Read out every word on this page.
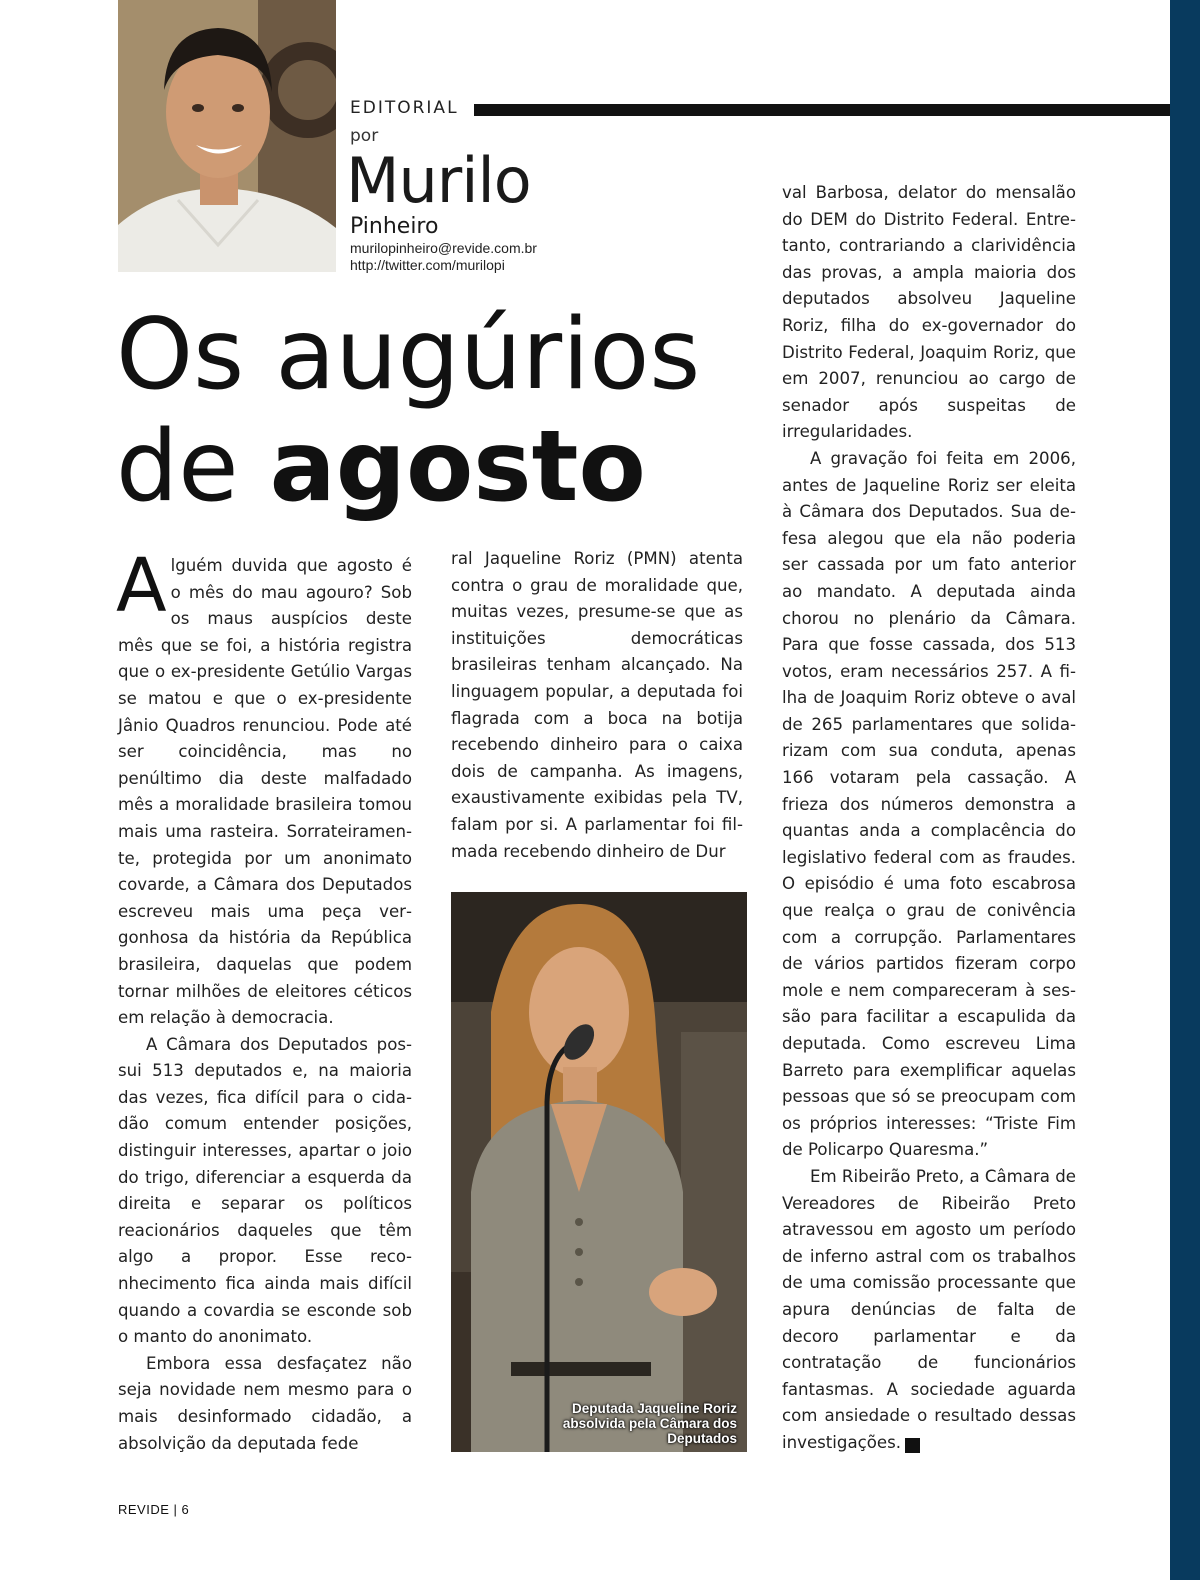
EDITORIAL
por
Murilo
Pinheiro
murilopinheiro@revide.com.br
http://twitter.com/murilopi
Os augúrios
de agosto

Alguém duvida que agosto é o mês do mau agouro? Sob os maus auspícios deste mês que se foi, a história registra que o ex-presidente Getúlio Vargas se matou e que o ex-presidente Jânio Quadros renunciou. Pode até ser coincidência, mas no penúltimo dia deste malfadado mês a moralidade brasileira tomou mais uma rasteira. Sorrateiramente, protegida por um anonimato covarde, a Câmara dos Deputados escreveu mais uma peça vergonhosa da história da República brasileira, daquelas que podem tornar milhões de eleitores céticos em relação à democracia.

A Câmara dos Deputados possui 513 deputados e, na maioria das vezes, fica difícil para o cidadão comum entender posições, distinguir interesses, apartar o joio do trigo, diferenciar a esquerda da direita e separar os políticos reacionários daqueles que têm algo a propor. Esse reconhecimento fica ainda mais difícil quando a covardia se esconde sob o manto do anonimato.

Embora essa desfaçatez não seja novidade nem mesmo para o mais desinformado cidadão, a absolvição da deputada fede

ral Jaqueline Roriz (PMN) atenta contra o grau de moralidade que, muitas vezes, presume-se que as instituições democráticas brasileiras tenham alcançado. Na linguagem popular, a deputada foi flagrada com a boca na botija recebendo dinheiro para o caixa dois de campanha. As imagens, exaustivamente exibidas pela TV, falam por si. A parlamentar foi filmada recebendo dinheiro de Dur

Deputada Jaqueline Roriz absolvida pela Câmara dos Deputados

val Barbosa, delator do mensalão do DEM do Distrito Federal. Entretanto, contrariando a clarividência das provas, a ampla maioria dos deputados absolveu Jaqueline Roriz, filha do ex-governador do Distrito Federal, Joaquim Roriz, que em 2007, renunciou ao cargo de senador após suspeitas de irregularidades.

A gravação foi feita em 2006, antes de Jaqueline Roriz ser eleita à Câmara dos Deputados. Sua defesa alegou que ela não poderia ser cassada por um fato anterior ao mandato. A deputada ainda chorou no plenário da Câmara. Para que fosse cassada, dos 513 votos, eram necessários 257. A filha de Joaquim Roriz obteve o aval de 265 parlamentares que solidarizam com sua conduta, apenas 166 votaram pela cassação. A frieza dos números demonstra a quantas anda a complacência do legislativo federal com as fraudes. O episódio é uma foto escabrosa que realça o grau de conivência com a corrupção. Parlamentares de vários partidos fizeram corpo mole e nem compareceram à sessão para facilitar a escapulida da deputada. Como escreveu Lima Barreto para exemplificar aquelas pessoas que só se preocupam com os próprios interesses: “Triste Fim de Policarpo Quaresma.”

Em Ribeirão Preto, a Câmara de Vereadores de Ribeirão Preto atravessou em agosto um período de inferno astral com os trabalhos de uma comissão processante que apura denúncias de falta de decoro parlamentar e da contratação de funcionários fantasmas. A sociedade aguarda com ansiedade o resultado dessas investigações.	r

REVIDE | 6
